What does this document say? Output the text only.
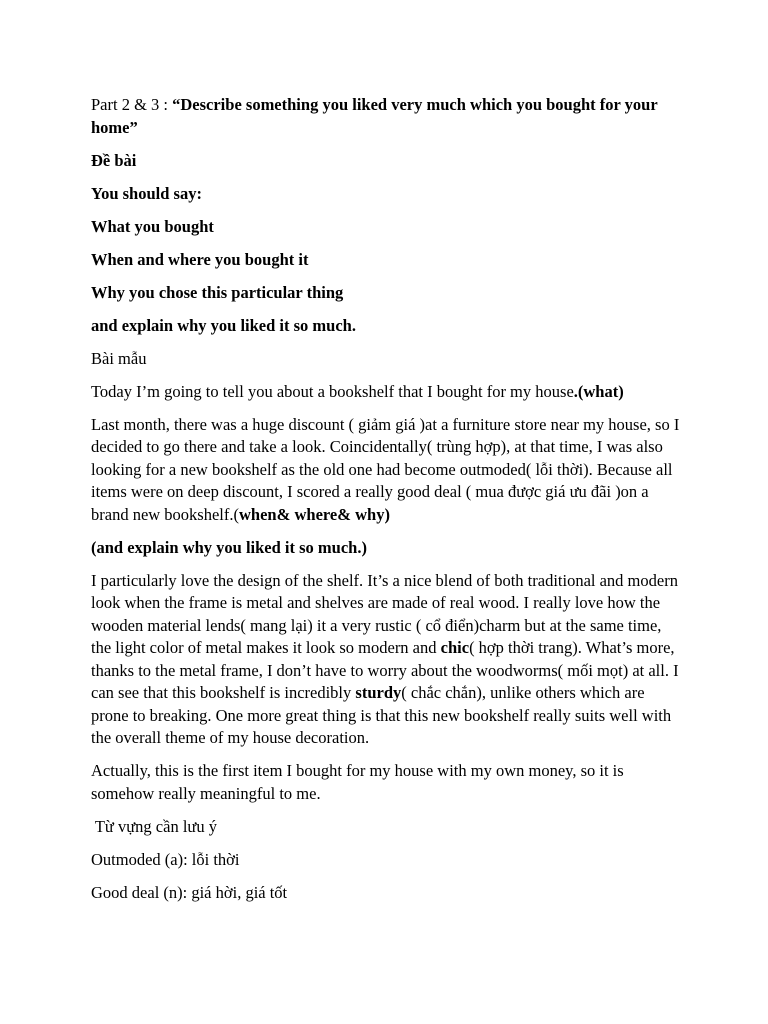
Part 2 & 3 : “Describe something you liked very much which you bought for your home”

Đề bài

You should say:

What you bought

When and where you bought it

Why you chose this particular thing

and explain why you liked it so much.

Bài mẫu

Today I’m going to tell you about a bookshelf that I bought for my house.(what)

Last month, there was a huge discount ( giảm giá )at a furniture store near my house, so I decided to go there and take a look. Coincidentally( trùng hợp), at that time, I was also looking for a new bookshelf as the old one had become outmoded( lỗi thời). Because all items were on deep discount, I scored a really good deal ( mua được giá ưu đãi )on a brand new bookshelf.(when& where& why)

(and explain why you liked it so much.)

I particularly love the design of the shelf. It’s a nice blend of both traditional and modern look when the frame is metal and shelves are made of real wood. I really love how the wooden material lends( mang lại) it a very rustic ( cổ điển)charm but at the same time, the light color of metal makes it look so modern and chic( hợp thời trang). What’s more, thanks to the metal frame, I don’t have to worry about the woodworms( mối mọt) at all. I can see that this bookshelf is incredibly sturdy( chắc chắn), unlike others which are prone to breaking. One more great thing is that this new bookshelf really suits well with the overall theme of my house decoration.

Actually, this is the first item I bought for my house with my own money, so it is somehow really meaningful to me.

Từ vựng cần lưu ý

Outmoded (a): lỗi thời

Good deal (n): giá hời, giá tốt
